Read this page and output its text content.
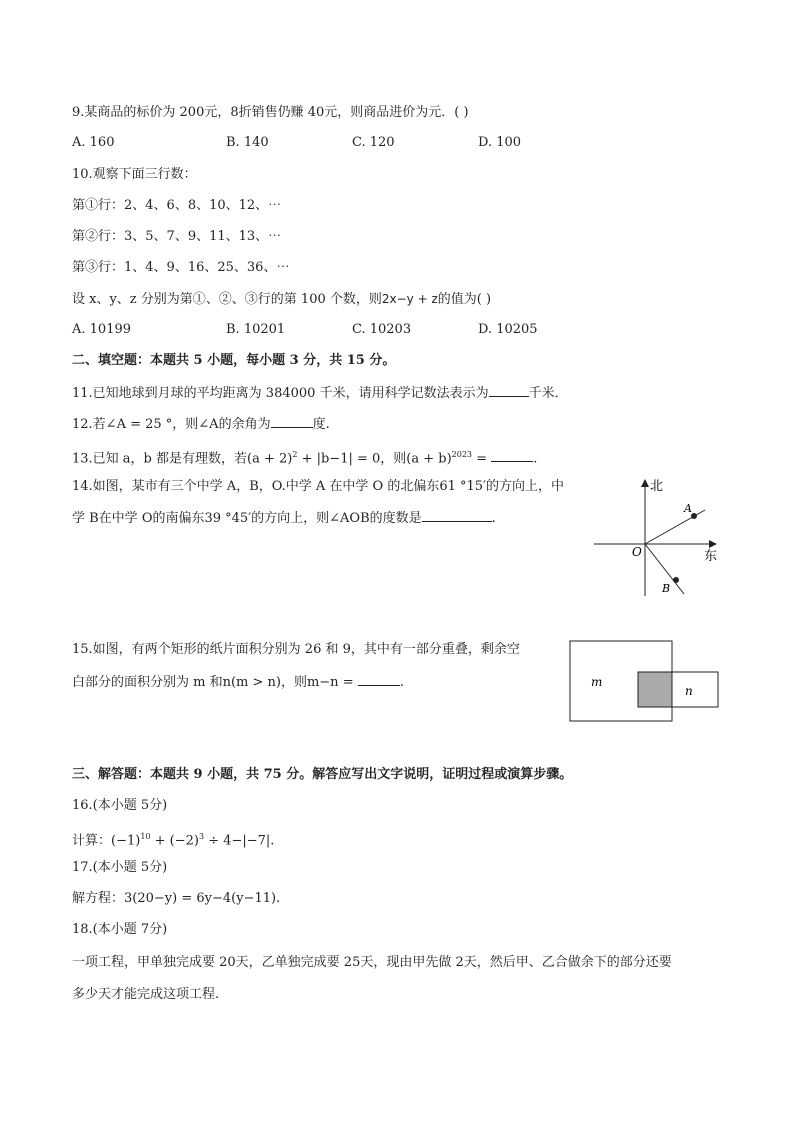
9.某商品的标价为 200元，8折销售仍赚 40元，则商品进价为元．( )
A. 160	B. 140	C. 120	D. 100
10.观察下面三行数：
第①行：2、4、6、8、10、12、⋯
第②行：3、5、7、9、11、13、⋯
第③行：1、4、9、16、25、36、⋯
设 x、y、z 分别为第①、②、③行的第 100 个数，则2x−y + z的值为( )
A. 10199	B. 10201	C. 10203	D. 10205
二、填空题：本题共 5 小题，每小题 3 分，共 15 分。
11.已知地球到月球的平均距离为 384000 千米，请用科学记数法表示为	千米．
12.若∠A = 25 °，则∠A的余角为	度.
13.已知 a，b 都是有理数，若$(a + 2)^2 + |b-1| = 0$，则$(a + b)^{2023}$ =	.
14.如图，某市有三个中学 A，B，O.中学 A 在中学 O 的北偏东61 °15′的方向上，中
学 B在中学 O的南偏东39 °45′的方向上，则∠AOB的度数是	.
北
东
O
A
B
15.如图，有两个矩形的纸片面积分别为 26 和 9，其中有一部分重叠，剩余空
白部分的面积分别为 m 和n(m > n)，则m−n =	.	m
n
三、解答题：本题共 9 小题，共 75 分。解答应写出文字说明，证明过程或演算步骤。
16.(本小题 5分)
计算：$(-1)^{10} + (-2)^3 \div 4-|-7|$.
17.(本小题 5分)
解方程：3(20−y) = 6y−4(y−11).
18.(本小题 7分)
一项工程，甲单独完成要 20天，乙单独完成要 25天，现由甲先做 2天，然后甲、乙合做余下的部分还要
多少天才能完成这项工程.
